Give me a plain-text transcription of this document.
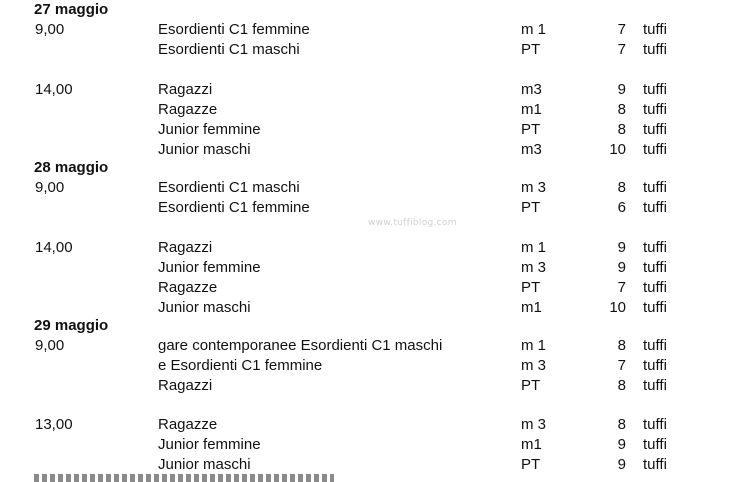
27 maggio
9,00	Esordienti C1 femmine	m 1	7 tuffi
Esordienti C1 maschi	PT	7 tuffi
14,00	Ragazzi	m3	9 tuffi
Ragazze	m1	8 tuffi
Junior femmine	PT	8 tuffi
Junior maschi	m3	10 tuffi
28 maggio
9,00	Esordienti C1 maschi	m 3	8 tuffi
Esordienti C1 femmine	PT	6 tuffi
14,00	Ragazzi	m 1	9 tuffi
Junior femmine	m 3	9 tuffi
Ragazze	PT	7 tuffi
Junior maschi	m1	10 tuffi
29 maggio
9,00	gare contemporanee Esordienti C1 maschi	m 1	8 tuffi
e Esordienti C1 femmine	m 3	7 tuffi
Ragazzi	PT	8 tuffi
13,00	Ragazze	m 3	8 tuffi
Junior femmine	m1	9 tuffi
Junior maschi	PT	9 tuffi
www.tuffiblog.com
